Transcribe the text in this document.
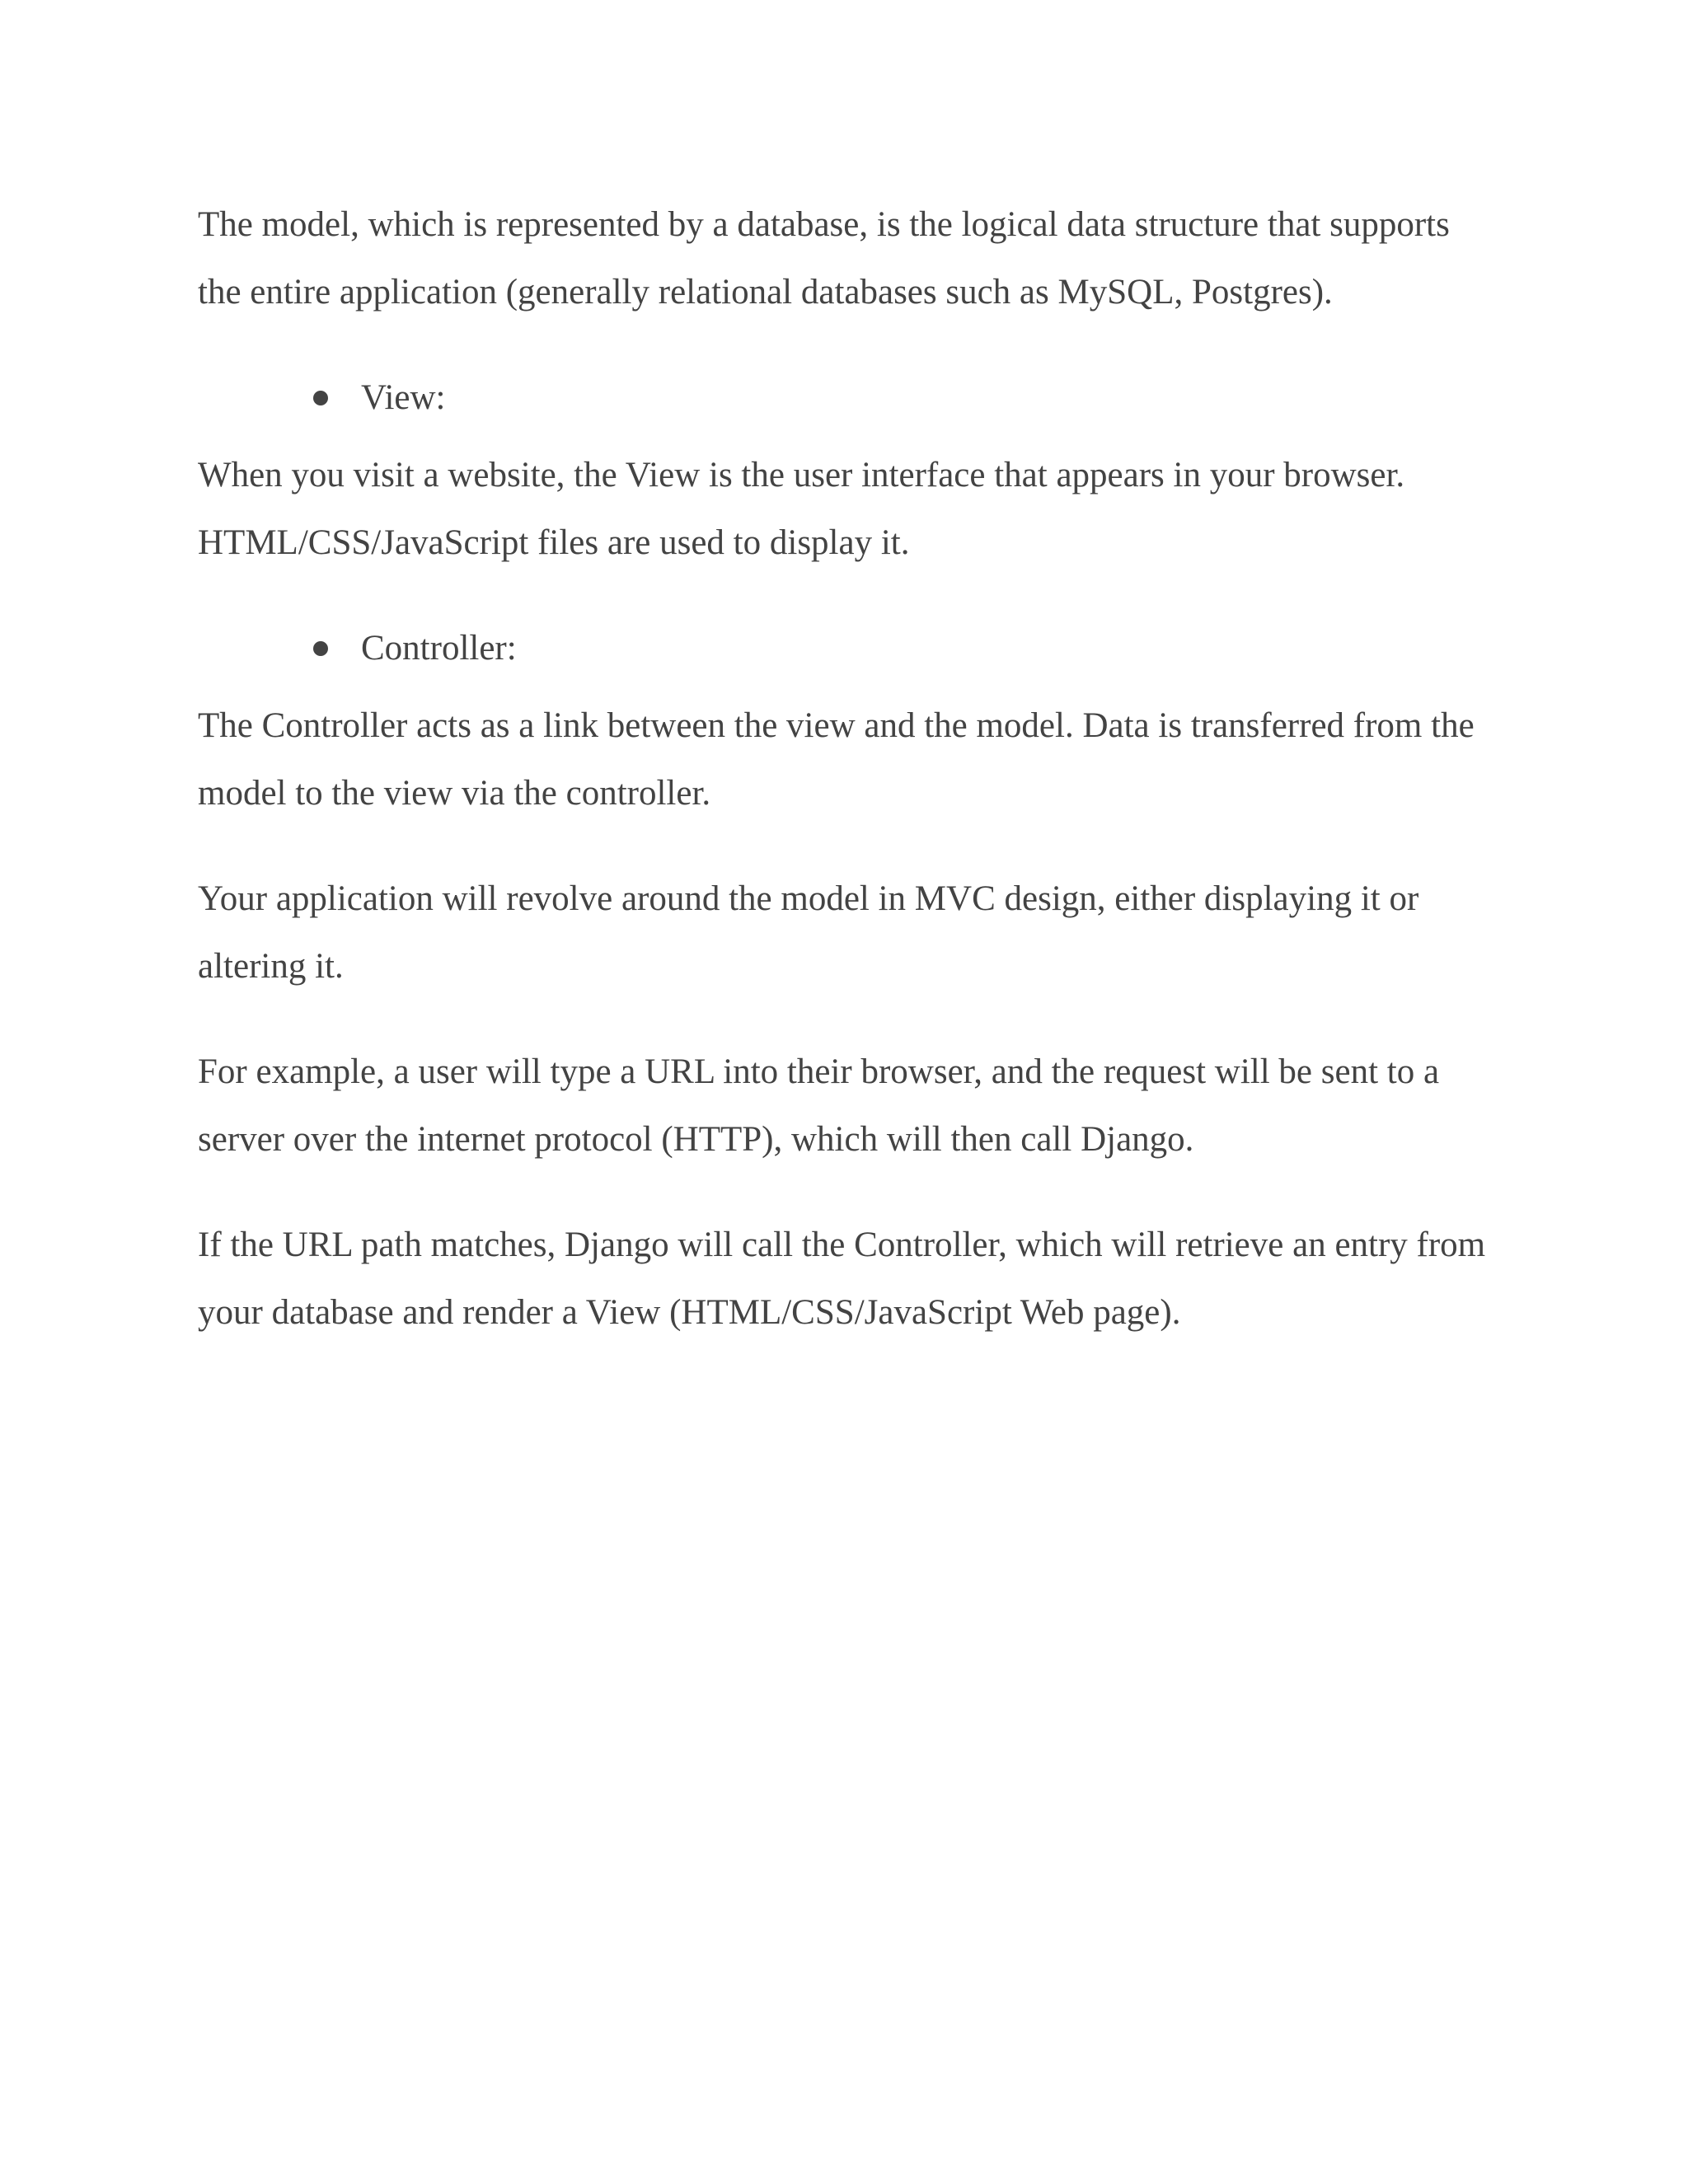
The model, which is represented by a database, is the logical data structure that supports the entire application (generally relational databases such as MySQL, Postgres).

View:

When you visit a website, the View is the user interface that appears in your browser. HTML/CSS/JavaScript files are used to display it.

Controller:

The Controller acts as a link between the view and the model. Data is transferred from the model to the view via the controller.

Your application will revolve around the model in MVC design, either displaying it or altering it.

For example, a user will type a URL into their browser, and the request will be sent to a server over the internet protocol (HTTP), which will then call Django.

If the URL path matches, Django will call the Controller, which will retrieve an entry from your database and render a View (HTML/CSS/JavaScript Web page).
